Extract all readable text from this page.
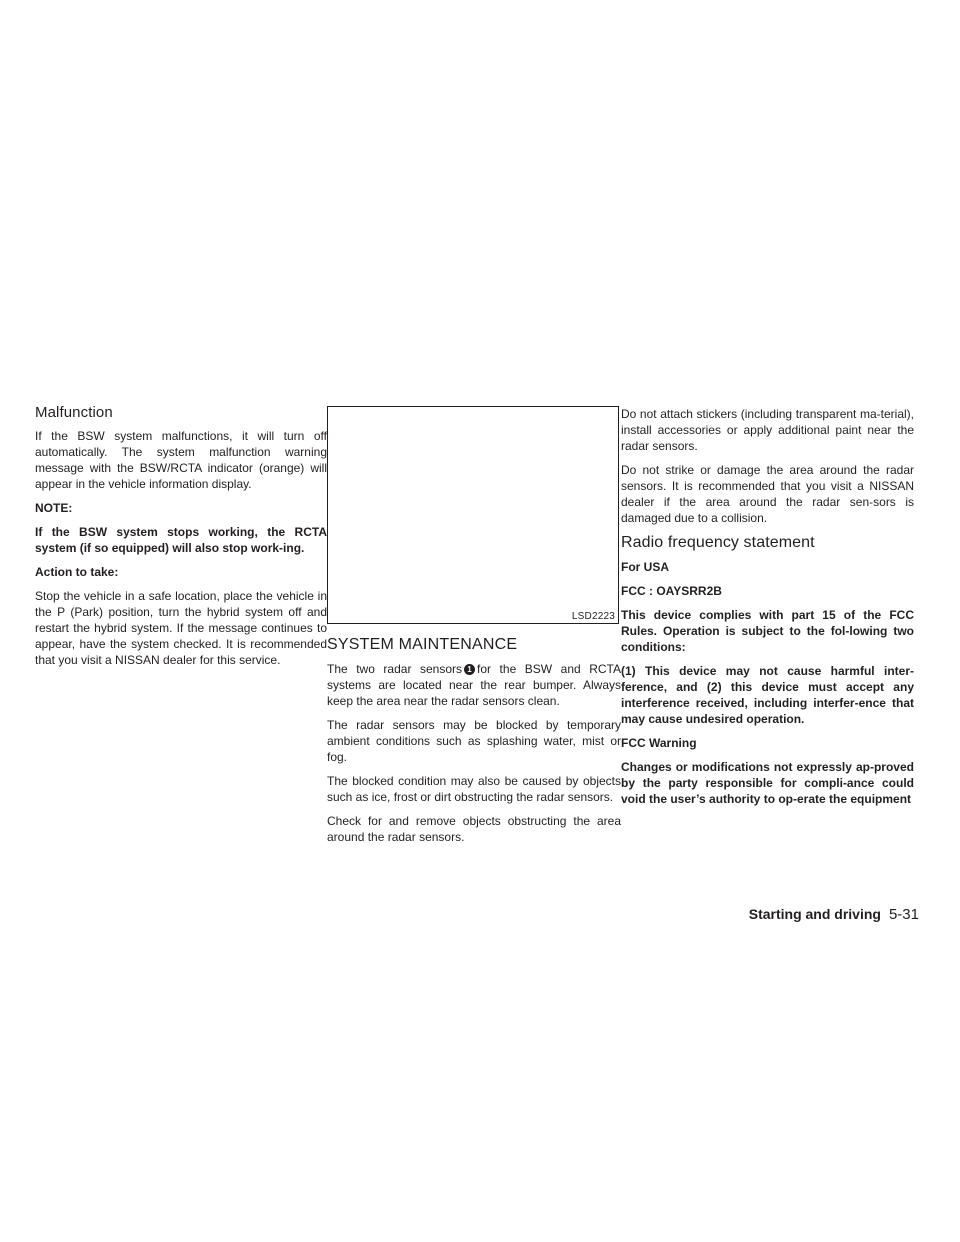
Malfunction

If the BSW system malfunctions, it will turn off automatically. The system malfunction warning message with the BSW/RCTA indicator (orange) will appear in the vehicle information display.

NOTE:

If the BSW system stops working, the RCTA system (if so equipped) will also stop work-ing.

Action to take:

Stop the vehicle in a safe location, place the vehicle in the P (Park) position, turn the hybrid system off and restart the hybrid system. If the message continues to appear, have the system checked. It is recommended that you visit a NISSAN dealer for this service.

LSD2223
SYSTEM MAINTENANCE

The two radar sensors 1 for the BSW and RCTA systems are located near the rear bumper. Always keep the area near the radar sensors clean.

The radar sensors may be blocked by temporary ambient conditions such as splashing water, mist or fog.

The blocked condition may also be caused by objects such as ice, frost or dirt obstructing the radar sensors.

Check for and remove objects obstructing the area around the radar sensors.

Do not attach stickers (including transparent ma-terial), install accessories or apply additional paint near the radar sensors.

Do not strike or damage the area around the radar sensors. It is recommended that you visit a NISSAN dealer if the area around the radar sen-sors is damaged due to a collision.

Radio frequency statement

For USA

FCC : OAYSRR2B

This device complies with part 15 of the FCC Rules. Operation is subject to the fol-lowing two conditions:

(1) This device may not cause harmful inter-ference, and (2) this device must accept any interference received, including interfer-ence that may cause undesired operation.

FCC Warning

Changes or modifications not expressly ap-proved by the party responsible for compli-ance could void the user’s authority to op-erate the equipment

Starting and driving 5-31
